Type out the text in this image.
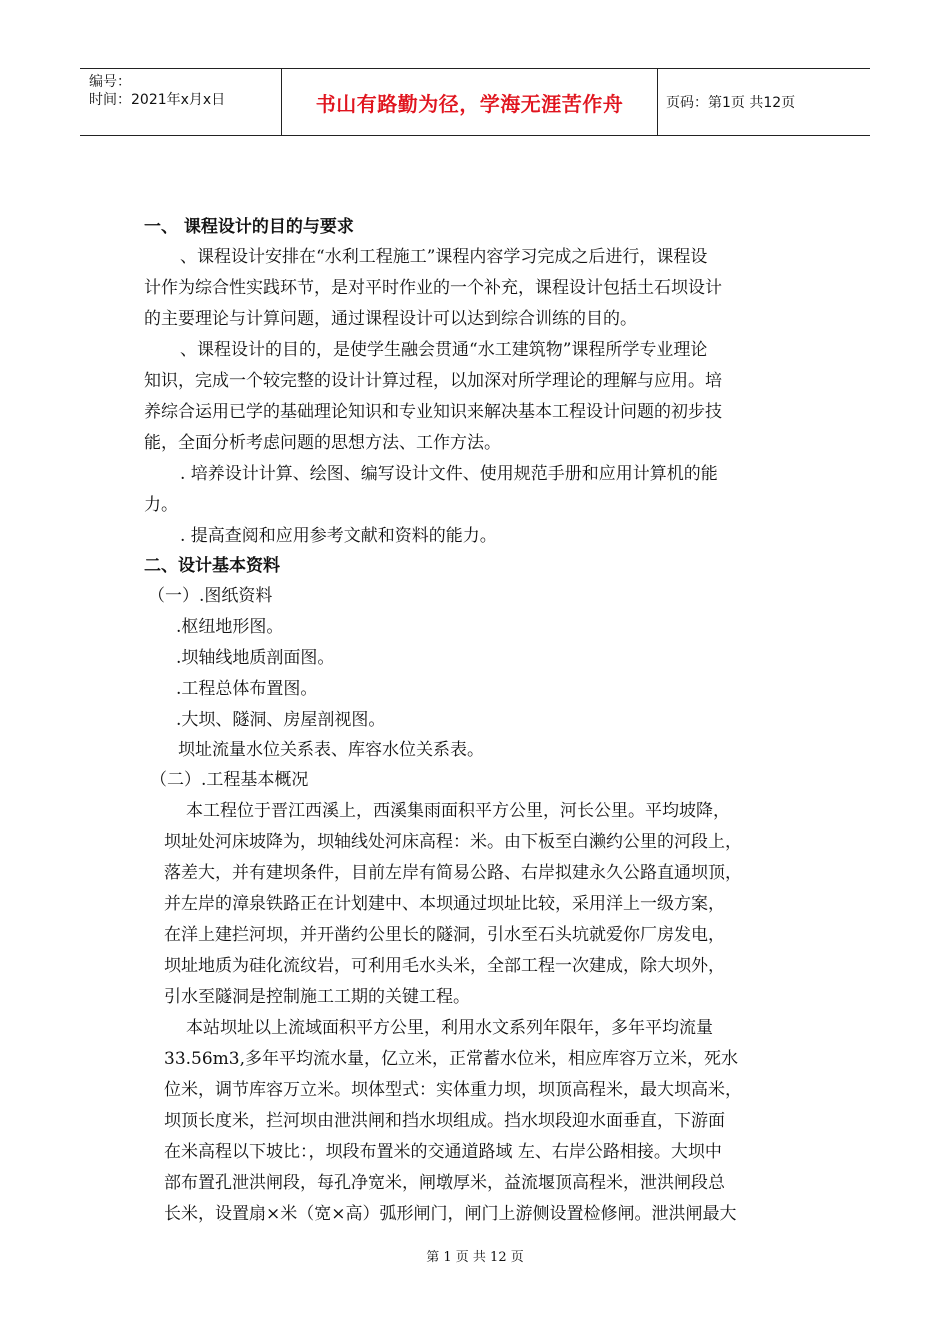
编号：
时间：2021年x月x日	书山有路勤为径，学海无涯苦作舟	页码：第1页 共12页
一、 课程设计的目的与要求
、课程设计安排在“水利工程施工”课程内容学习完成之后进行，课程设
计作为综合性实践环节，是对平时作业的一个补充，课程设计包括土石坝设计
的主要理论与计算问题，通过课程设计可以达到综合训练的目的。
、课程设计的目的，是使学生融会贯通“水工建筑物”课程所学专业理论
知识，完成一个较完整的设计计算过程，以加深对所学理论的理解与应用。培
养综合运用已学的基础理论知识和专业知识来解决基本工程设计问题的初步技
能，全面分析考虑问题的思想方法、工作方法。
. 培养设计计算、绘图、编写设计文件、使用规范手册和应用计算机的能
力。
. 提高查阅和应用参考文献和资料的能力。
二、设计基本资料
（一）.图纸资料
.枢纽地形图。
.坝轴线地质剖面图。
.工程总体布置图。
.大坝、隧洞、房屋剖视图。
坝址流量水位关系表、库容水位关系表。
（二）.工程基本概况
本工程位于晋江西溪上，西溪集雨面积平方公里，河长公里。平均坡降，
坝址处河床坡降为，坝轴线处河床高程：米。由下板至白濑约公里的河段上，
落差大，并有建坝条件，目前左岸有简易公路、右岸拟建永久公路直通坝顶，
并左岸的漳泉铁路正在计划建中、本坝通过坝址比较，采用洋上一级方案，
在洋上建拦河坝，并开凿约公里长的隧洞，引水至石头坑就爱你厂房发电，
坝址地质为硅化流纹岩，可利用毛水头米，全部工程一次建成，除大坝外，
引水至隧洞是控制施工工期的关键工程。
本站坝址以上流域面积平方公里，利用水文系列年限年，多年平均流量
33.56m3,多年平均流水量，亿立米，正常蓄水位米，相应库容万立米，死水
位米，调节库容万立米。坝体型式：实体重力坝，坝顶高程米，最大坝高米，
坝顶长度米，拦河坝由泄洪闸和挡水坝组成。挡水坝段迎水面垂直，下游面
在米高程以下坡比：，坝段布置米的交通道路域 左、右岸公路相接。大坝中
部布置孔泄洪闸段，每孔净宽米，闸墩厚米，益流堰顶高程米，泄洪闸段总
长米，设置扇×米（宽×高）弧形闸门，闸门上游侧设置检修闸。泄洪闸最大
第 1 页 共 12 页
